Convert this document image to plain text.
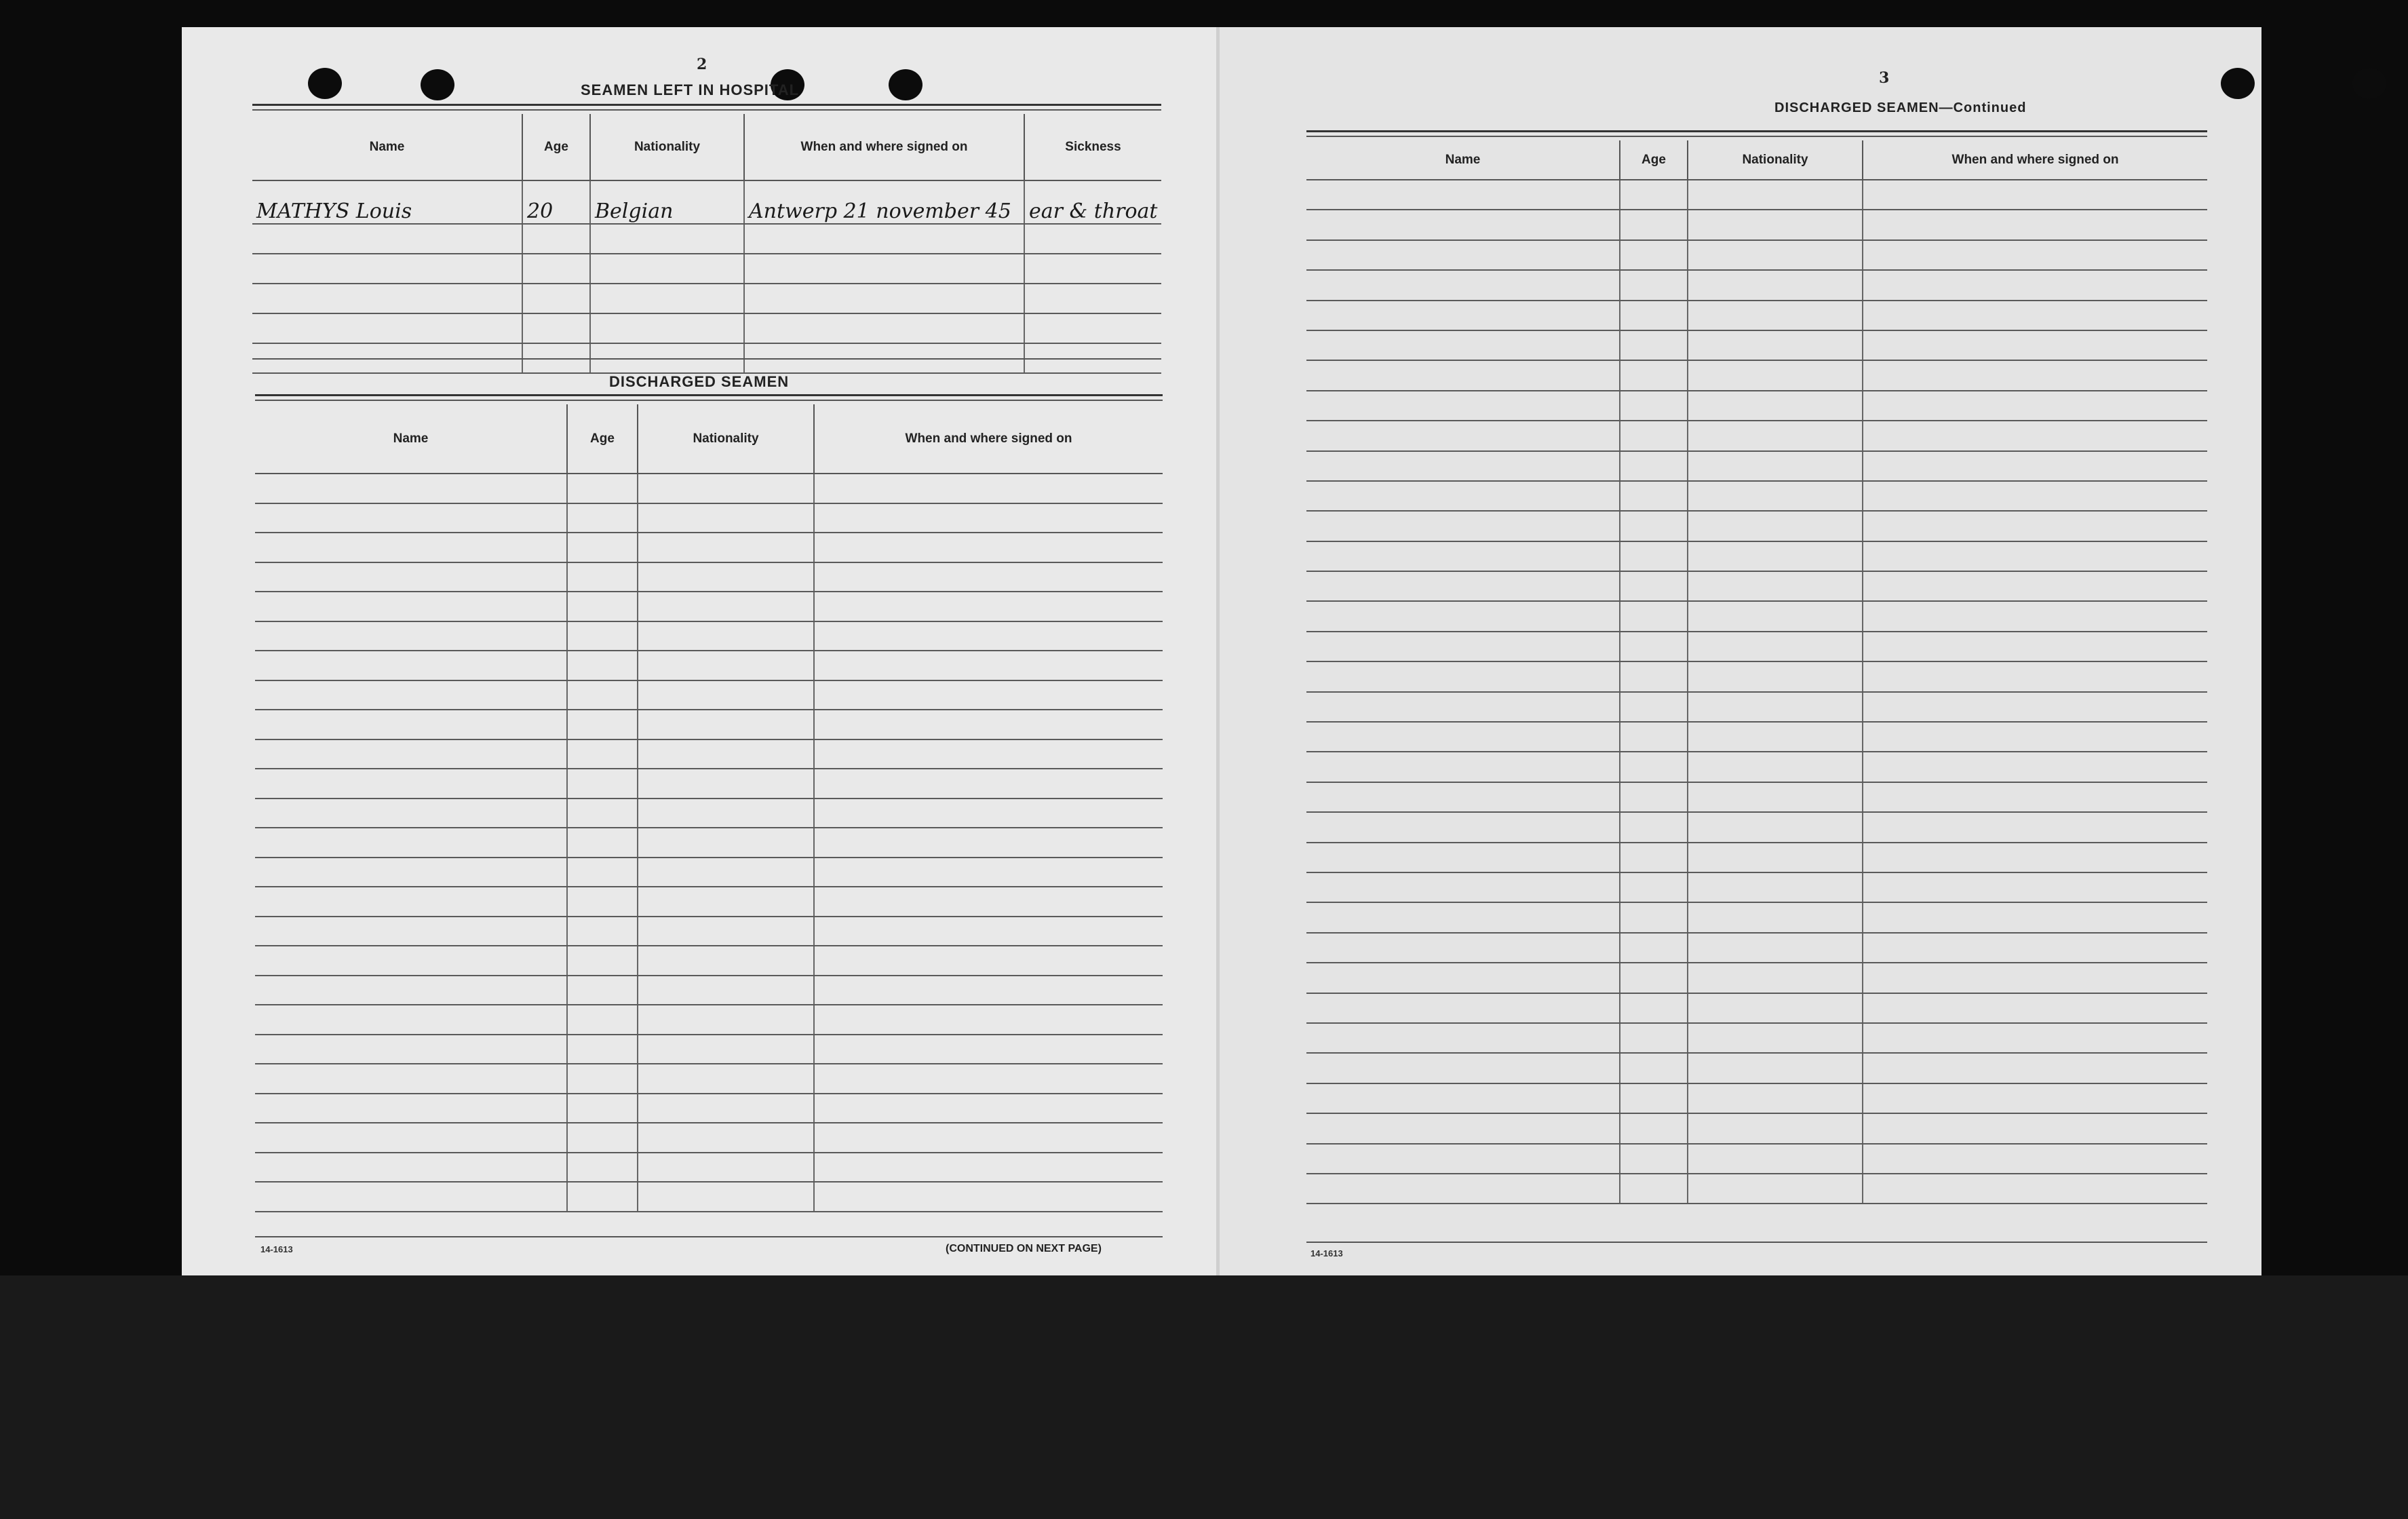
2
SEAMEN LEFT IN HOSPITAL
Name	Age	Nationality	When and where signed on	Sickness
MATHYS Louis	20	Belgian	Antwerp 21 november 45	ear & throat

DISCHARGED SEAMEN
Name	Age	Nationality	When and where signed on

14-1613	(CONTINUED ON NEXT PAGE)
3
DISCHARGED SEAMEN—Continued
Name	Age	Nationality	When and where signed on

14-1613
